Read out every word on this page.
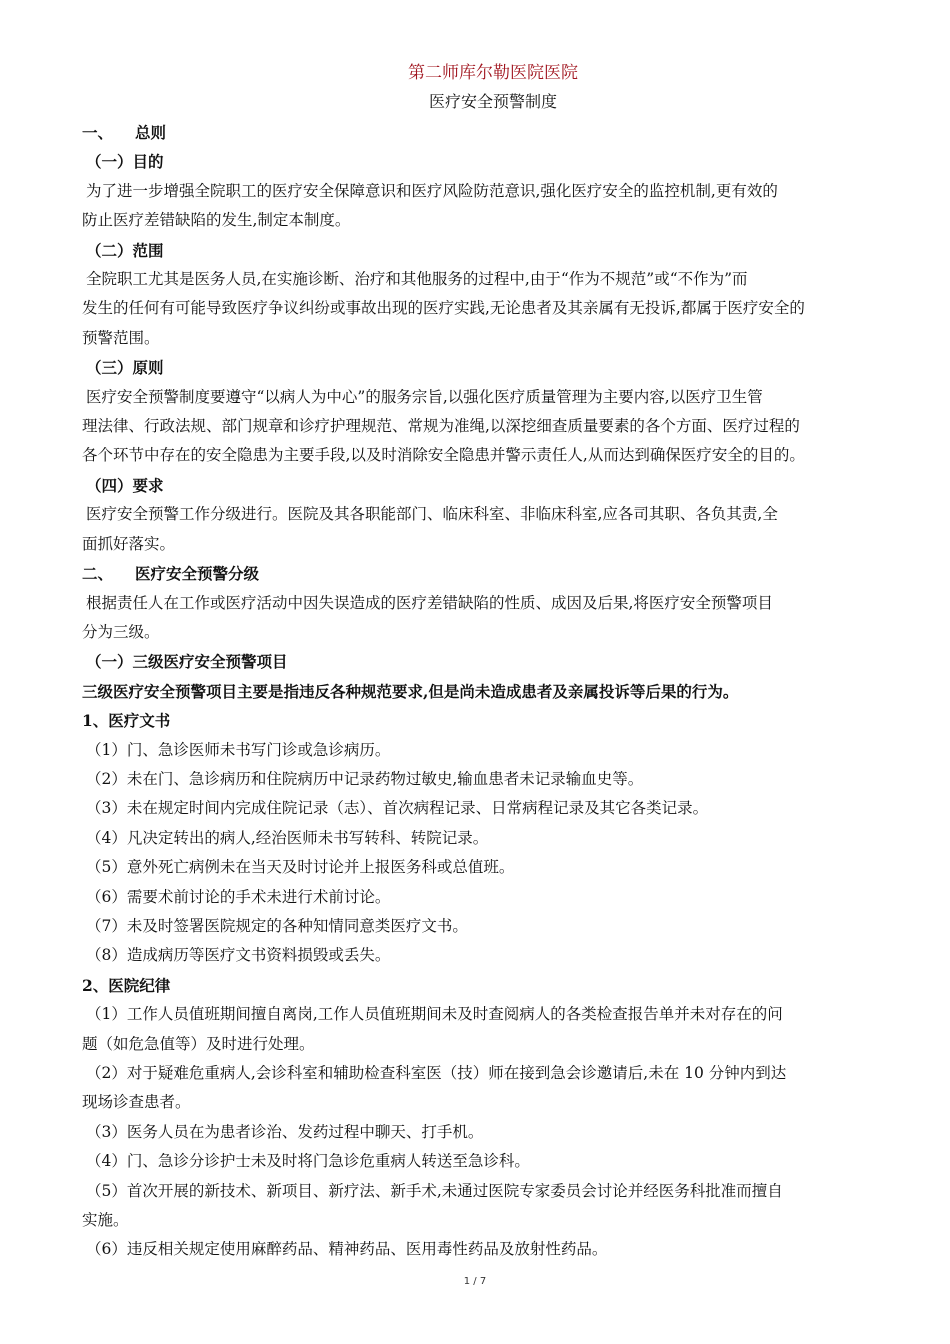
第二师库尔勒医院医院
医疗安全预警制度
一、 总则
（一）目的
为了进一步增强全院职工的医疗安全保障意识和医疗风险防范意识,强化医疗安全的监控机制,更有效的
防止医疗差错缺陷的发生,制定本制度。
（二）范围
全院职工尤其是医务人员,在实施诊断、治疗和其他服务的过程中,由于“作为不规范”或“不作为”而
发生的任何有可能导致医疗争议纠纷或事故出现的医疗实践,无论患者及其亲属有无投诉,都属于医疗安全的
预警范围。
（三）原则
医疗安全预警制度要遵守“以病人为中心”的服务宗旨,以强化医疗质量管理为主要内容,以医疗卫生管
理法律、行政法规、部门规章和诊疗护理规范、常规为准绳,以深挖细查质量要素的各个方面、医疗过程的
各个环节中存在的安全隐患为主要手段,以及时消除安全隐患并警示责任人,从而达到确保医疗安全的目的。
（四）要求
医疗安全预警工作分级进行。医院及其各职能部门、临床科室、非临床科室,应各司其职、各负其责,全
面抓好落实。
二、 医疗安全预警分级
根据责任人在工作或医疗活动中因失误造成的医疗差错缺陷的性质、成因及后果,将医疗安全预警项目
分为三级。
（一）三级医疗安全预警项目
三级医疗安全预警项目主要是指违反各种规范要求,但是尚未造成患者及亲属投诉等后果的行为。
1、医疗文书
（1）门、急诊医师未书写门诊或急诊病历。
（2）未在门、急诊病历和住院病历中记录药物过敏史,输血患者未记录输血史等。
（3）未在规定时间内完成住院记录（志）、首次病程记录、日常病程记录及其它各类记录。
（4）凡决定转出的病人,经治医师未书写转科、转院记录。
（5）意外死亡病例未在当天及时讨论并上报医务科或总值班。
（6）需要术前讨论的手术未进行术前讨论。
（7）未及时签署医院规定的各种知情同意类医疗文书。
（8）造成病历等医疗文书资料损毁或丢失。
2、医院纪律
（1）工作人员值班期间擅自离岗,工作人员值班期间未及时查阅病人的各类检查报告单并未对存在的问
题（如危急值等）及时进行处理。
（2）对于疑难危重病人,会诊科室和辅助检查科室医（技）师在接到急会诊邀请后,未在 10 分钟内到达
现场诊查患者。
（3）医务人员在为患者诊治、发药过程中聊天、打手机。
（4）门、急诊分诊护士未及时将门急诊危重病人转送至急诊科。
（5）首次开展的新技术、新项目、新疗法、新手术,未通过医院专家委员会讨论并经医务科批准而擅自
实施。
（6）违反相关规定使用麻醉药品、精神药品、医用毒性药品及放射性药品。
1 / 7
